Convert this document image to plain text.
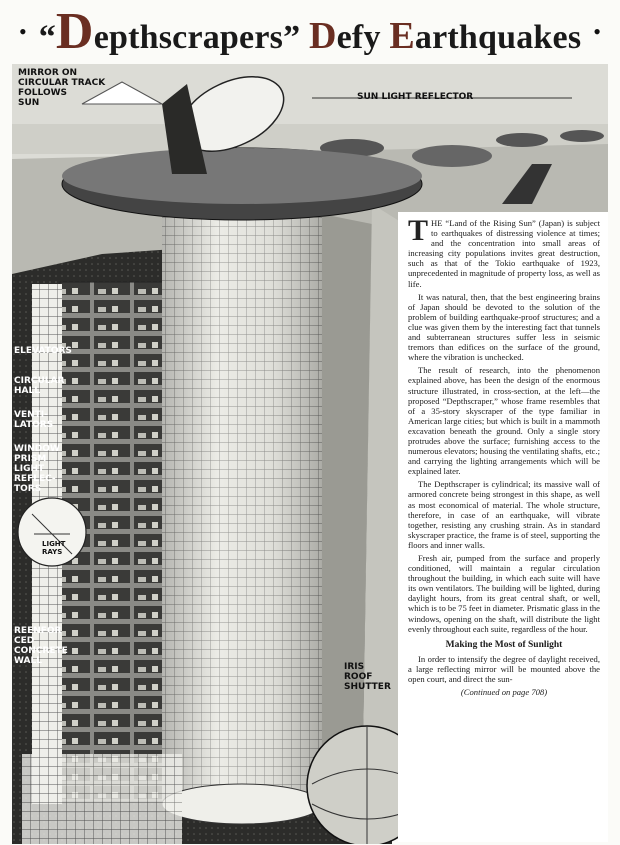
• “Depthscrapers” Defy Earthquakes •
MIRROR ON
CIRCULAR TRACK
FOLLOWS
SUN
SUN LIGHT REFLECTOR
ELEVATORS
CIRCULAR
HALL
VENTI-
LATORS
WINDOW
PRISM
LIGHT
REFLEC-
TORS
LIGHT
RAYS
REENFOR
CED
CONCRETE
WALL
IRIS
ROOF
SHUTTER

THE “Land of the Rising Sun” (Japan) is subject to earthquakes of distressing violence at times; and the concentration into small areas of increasing city populations invites great destruction, such as that of the Tokio earthquake of 1923, unprecedented in magnitude of property loss, as well as life.

It was natural, then, that the best engineering brains of Japan should be devoted to the solution of the problem of building earthquake-proof structures; and a clue was given them by the interesting fact that tunnels and subterranean structures suffer less in seismic tremors than edifices on the surface of the ground, where the vibration is unchecked.

The result of research, into the phenomenon explained above, has been the design of the enormous structure illustrated, in cross-section, at the left—the proposed “Depthscraper,” whose frame resembles that of a 35-story skyscraper of the type familiar in American large cities; but which is built in a mammoth excavation beneath the ground. Only a single story protrudes above the surface; furnishing access to the numerous elevators; housing the ventilating shafts, etc.; and carrying the lighting arrangements which will be explained later.

The Depthscraper is cylindrical; its massive wall of armored concrete being strongest in this shape, as well as most economical of material. The whole structure, therefore, in case of an earthquake, will vibrate together, resisting any crushing strain. As in standard skyscraper practice, the frame is of steel, supporting the floors and inner walls.

Fresh air, pumped from the surface and properly conditioned, will maintain a regular circulation throughout the building, in which each suite will have its own ventilators. The building will be lighted, during daylight hours, from its great central shaft, or well, which is to be 75 feet in diameter. Prismatic glass in the windows, opening on the shaft, will distribute the light evenly throughout each suite, regardless of the hour.

Making the Most of Sunlight

In order to intensify the degree of daylight received, a large reflecting mirror will be mounted above the open court, and direct the sun-

(Continued on page 708)
